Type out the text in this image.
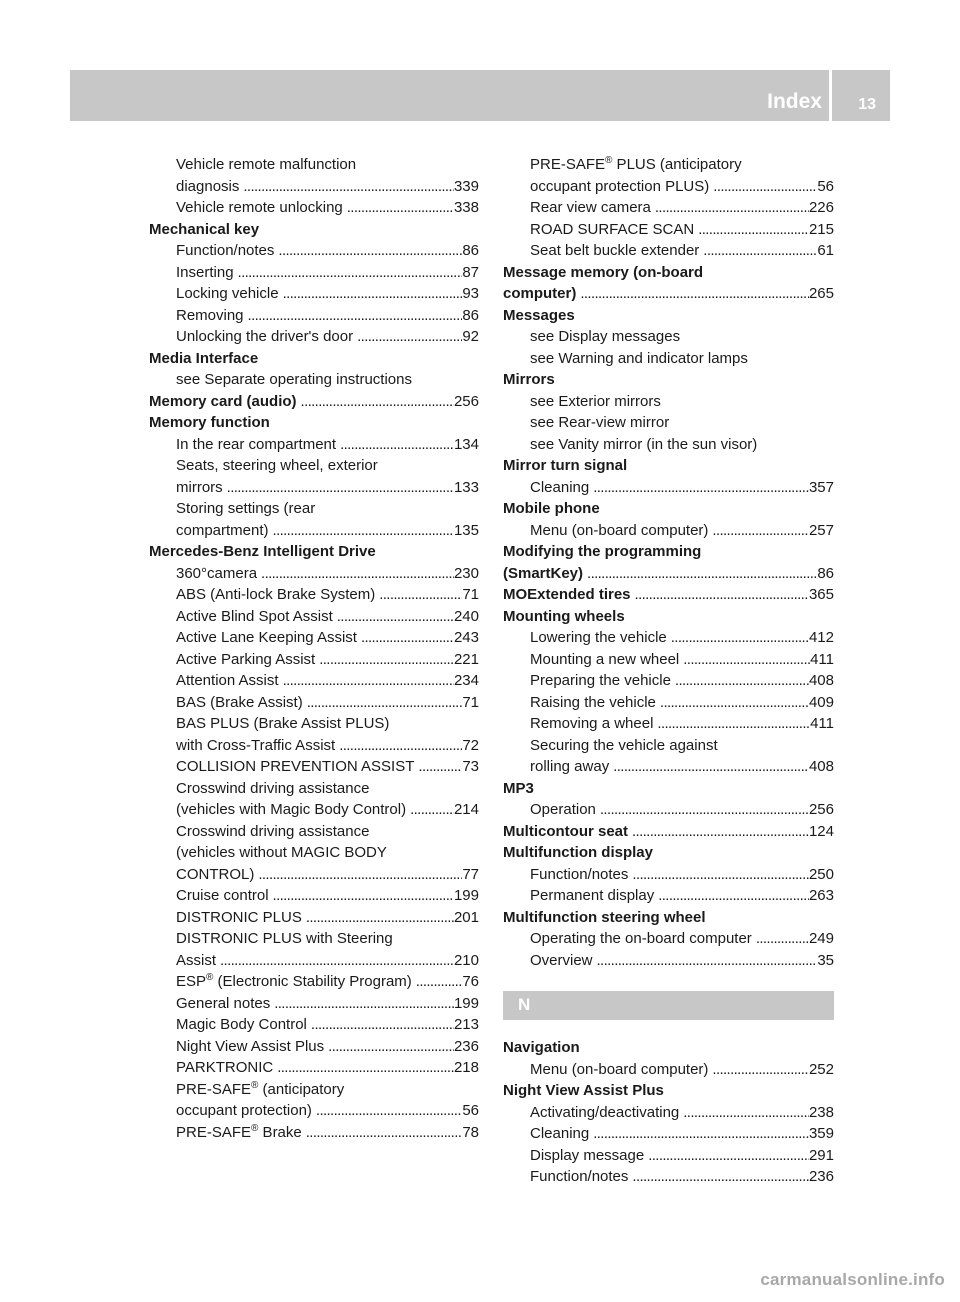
Index 13
Vehicle remote malfunction
diagnosis . . .	339
Vehicle remote unlocking . . .	338
Mechanical key
Function/notes . . .	86
Inserting . . .	87
Locking vehicle . . .	93
Removing . . .	86
Unlocking the driver's door . . .	92
Media Interface
see Separate operating instructions
Memory card (audio) . . .	256
Memory function
In the rear compartment . . .	134
Seats, steering wheel, exterior
mirrors . . .	133
Storing settings (rear
compartment) . . .	135
Mercedes-Benz Intelligent Drive
360°camera . . .	230
ABS (Anti-lock Brake System) . . .	71
Active Blind Spot Assist . . .	240
Active Lane Keeping Assist . . .	243
Active Parking Assist . . .	221
Attention Assist . . .	234
BAS (Brake Assist) . . .	71
BAS PLUS (Brake Assist PLUS)
with Cross-Traffic Assist . . .	72
COLLISION PREVENTION ASSIST . . .	73
Crosswind driving assistance
(vehicles with Magic Body Control) . . .	214
Crosswind driving assistance
(vehicles without MAGIC BODY
CONTROL) . . .	77
Cruise control . . .	199
DISTRONIC PLUS . . .	201
DISTRONIC PLUS with Steering
Assist . . .	210
ESP® (Electronic Stability Program) . . .	76
General notes . . .	199
Magic Body Control . . .	213
Night View Assist Plus . . .	236
PARKTRONIC . . .	218
PRE-SAFE® (anticipatory
occupant protection) . . .	56
PRE-SAFE® Brake . . .	78
PRE-SAFE® PLUS (anticipatory
occupant protection PLUS) . . .	56
Rear view camera . . .	226
ROAD SURFACE SCAN . . .	215
Seat belt buckle extender . . .	61
Message memory (on-board
computer) . . .	265
Messages
see Display messages
see Warning and indicator lamps
Mirrors
see Exterior mirrors
see Rear-view mirror
see Vanity mirror (in the sun visor)
Mirror turn signal
Cleaning . . .	357
Mobile phone
Menu (on-board computer) . . .	257
Modifying the programming
(SmartKey) . . .	86
MOExtended tires . . .	365
Mounting wheels
Lowering the vehicle . . .	412
Mounting a new wheel . . .	411
Preparing the vehicle . . .	408
Raising the vehicle . . .	409
Removing a wheel . . .	411
Securing the vehicle against
rolling away . . .	408
MP3
Operation . . .	256
Multicontour seat . . .	124
Multifunction display
Function/notes . . .	250
Permanent display . . .	263
Multifunction steering wheel
Operating the on-board computer . . .	249
Overview . . .	35
N
Navigation
Menu (on-board computer) . . .	252
Night View Assist Plus
Activating/deactivating . . .	238
Cleaning . . .	359
Display message . . .	291
Function/notes . . .	236
carmanualsonline.info
